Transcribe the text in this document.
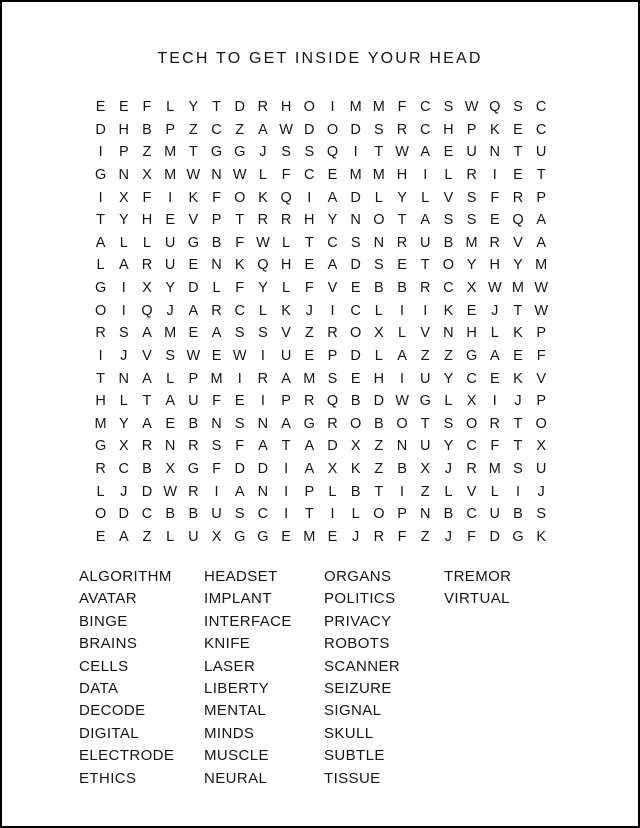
TECH TO GET INSIDE YOUR HEAD
E E F	L Y T D R H O	I	M M F C S W Q S C
D H B P Z C Z A W D O D S R C H P K E C
I	P Z M T G G J	S S Q	I	T W A E U N T U
G N X M W N W L	F C E M M H	I	L R	I	E T
I	X F	I	K F O K Q	I	A D L Y L V S F R P
T Y H E V P T R R H Y N O T A S S E Q A
A L	L U G B F W L	T C S N R U B M R V A
L A R U E N K Q H E A D S E T O Y H Y M
G	I	X Y D L	F Y L	F V E B B R C X W M W
O	I	Q J	A R C L K	J	I	C L	I	I	K E	J	T W
R S A M E A S S V Z R O X L V N H L K P
I	J	V S W E W I	U E P D L A Z Z G A E F
T N A L P M	I	R A M S E H	I	U Y C E K V
H L	T A U F E	I	P R Q B D W G L X	I	J	P
M Y A E B N S N A G R O B O T S O R T O
G X R N R S F A T A D X Z N U Y C F T X
R C B X G F D D	I	A X K Z B X	J R M S U
L	J D W R	I	A N	I	P L B T	I	Z	L V L	I	J
O D C B B U S C	I	T	I	L O P N B C U B S
E A Z	L U X G G E M E	J R F Z	J	F D G K
ALGORITHM
AVATAR
BINGE
BRAINS
CELLS
DATA
DECODE
DIGITAL
ELECTRODE
ETHICS
HEADSET
IMPLANT
INTERFACE
KNIFE
LASER
LIBERTY
MENTAL
MINDS
MUSCLE
NEURAL
ORGANS
POLITICS
PRIVACY
ROBOTS
SCANNER
SEIZURE
SIGNAL
SKULL
SUBTLE
TISSUE
TREMOR
VIRTUAL
